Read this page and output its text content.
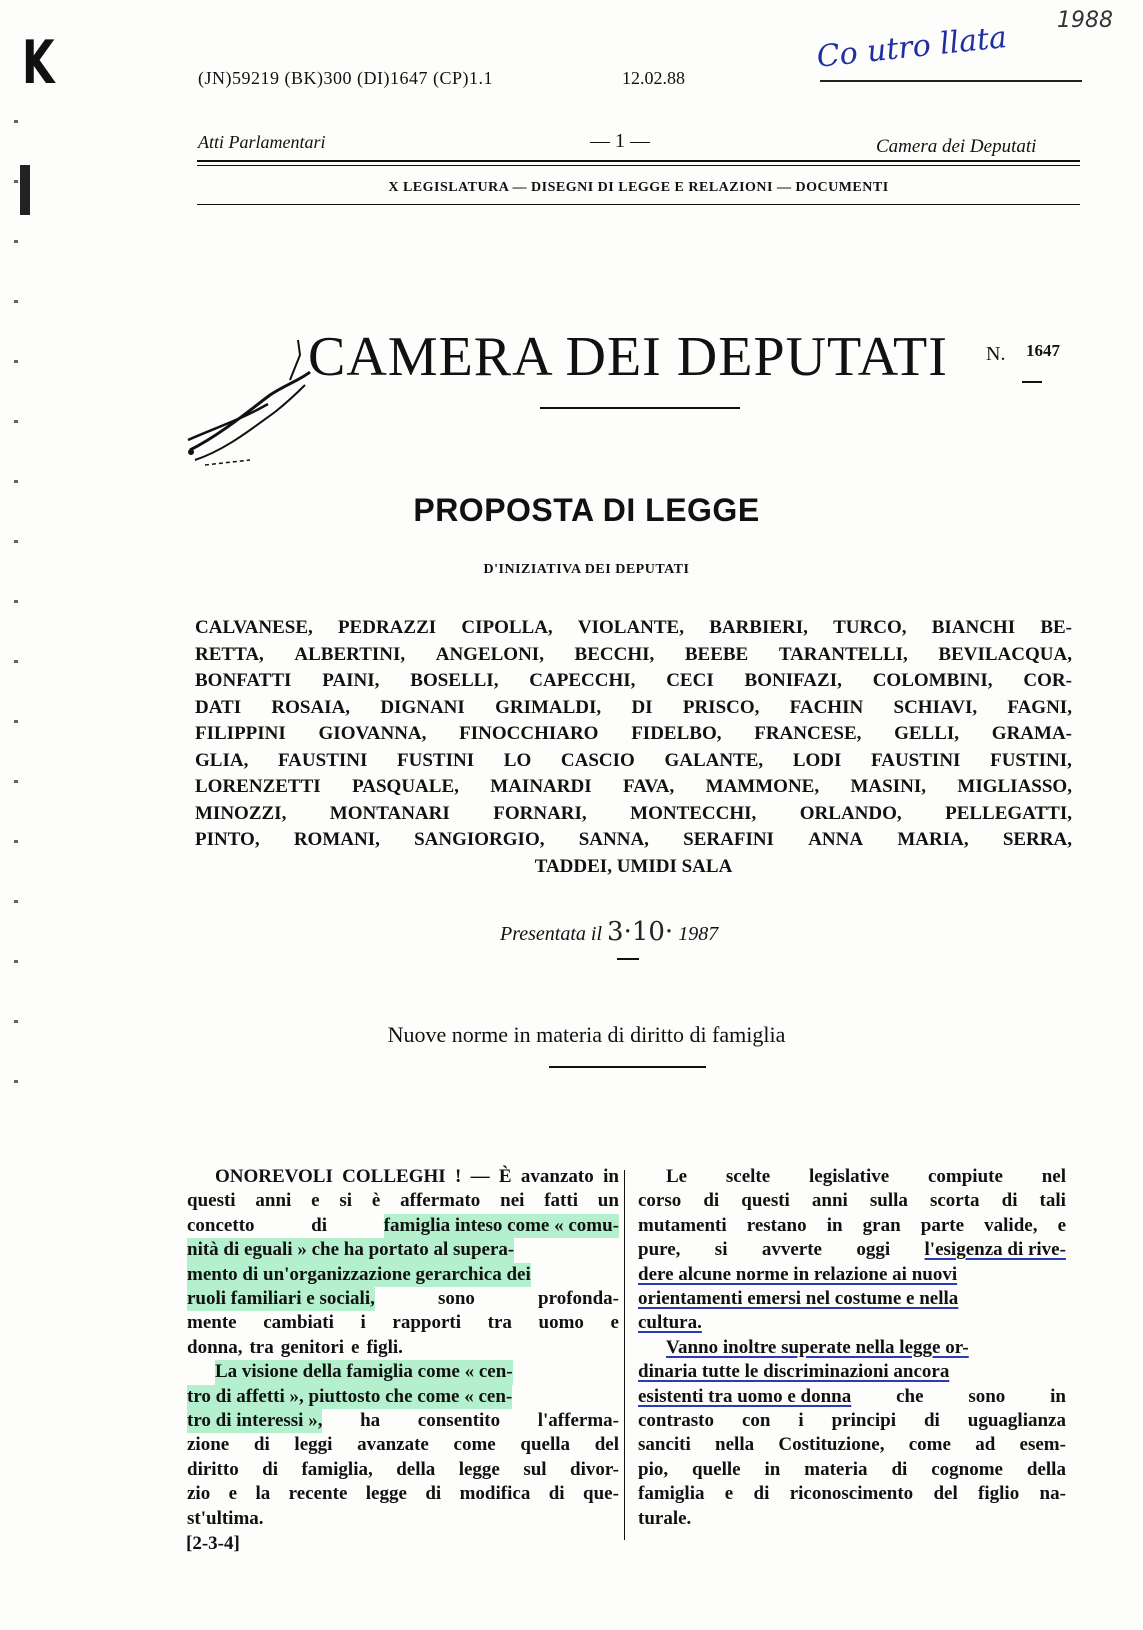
K
1988
Co utro llata
(JN)59219 (BK)300 (DI)1647 (CP)1.1	12.02.88
Atti Parlamentari	— 1 —	Camera dei Deputati
X LEGISLATURA — DISEGNI DI LEGGE E RELAZIONI — DOCUMENTI
CAMERA DEI DEPUTATI N. 1647
PROPOSTA DI LEGGE
D'INIZIATIVA DEI DEPUTATI
CALVANESE, PEDRAZZI CIPOLLA, VIOLANTE, BARBIERI, TURCO, BIANCHI BE-
RETTA, ALBERTINI, ANGELONI, BECCHI, BEEBE TARANTELLI, BEVILACQUA,
BONFATTI PAINI, BOSELLI, CAPECCHI, CECI BONIFAZI, COLOMBINI, COR-
DATI ROSAIA, DIGNANI GRIMALDI, DI PRISCO, FACHIN SCHIAVI, FAGNI,
FILIPPINI GIOVANNA, FINOCCHIARO FIDELBO, FRANCESE, GELLI, GRAMA-
GLIA, FAUSTINI FUSTINI LO CASCIO GALANTE, LODI FAUSTINI FUSTINI,
LORENZETTI PASQUALE, MAINARDI FAVA, MAMMONE, MASINI, MIGLIASSO,
MINOZZI, MONTANARI FORNARI, MONTECCHI, ORLANDO, PELLEGATTI,
PINTO, ROMANI, SANGIORGIO, SANNA, SERAFINI ANNA MARIA, SERRA,
TADDEI, UMIDI SALA
Presentata il 3·10· 1987
Nuove norme in materia di diritto di famiglia
ONOREVOLI COLLEGHI ! — È avanzato in
questi anni e si è affermato nei fatti un
concetto	di	famiglia inteso come « comu-
nità di eguali » che ha portato al supera-
mento di un'organizzazione gerarchica dei
ruoli familiari e sociali,	sono	profonda-
mente cambiati i rapporti tra uomo e
donna, tra genitori e figli.
La visione della famiglia come « cen-
tro di affetti », piuttosto che come « cen-
tro di interessi », ha consentito l'afferma-
zione di leggi avanzate come quella del
diritto di famiglia, della legge sul divor-
zio e la recente legge di modifica di que-
st'ultima.
Le scelte legislative compiute nel
corso di questi anni sulla scorta di tali
mutamenti restano in gran parte valide, e
pure, si avverte oggi l'esigenza di rive-
dere alcune norme in relazione ai nuovi
orientamenti emersi nel costume e nella
cultura.
Vanno inoltre superate nella legge or-
dinaria tutte le discriminazioni ancora
esistenti tra uomo e donna che sono in
contrasto con i principi di uguaglianza
sanciti nella Costituzione, come ad esem-
pio, quelle in materia di cognome della
famiglia e di riconoscimento del figlio na-
turale.
[2-3-4]
